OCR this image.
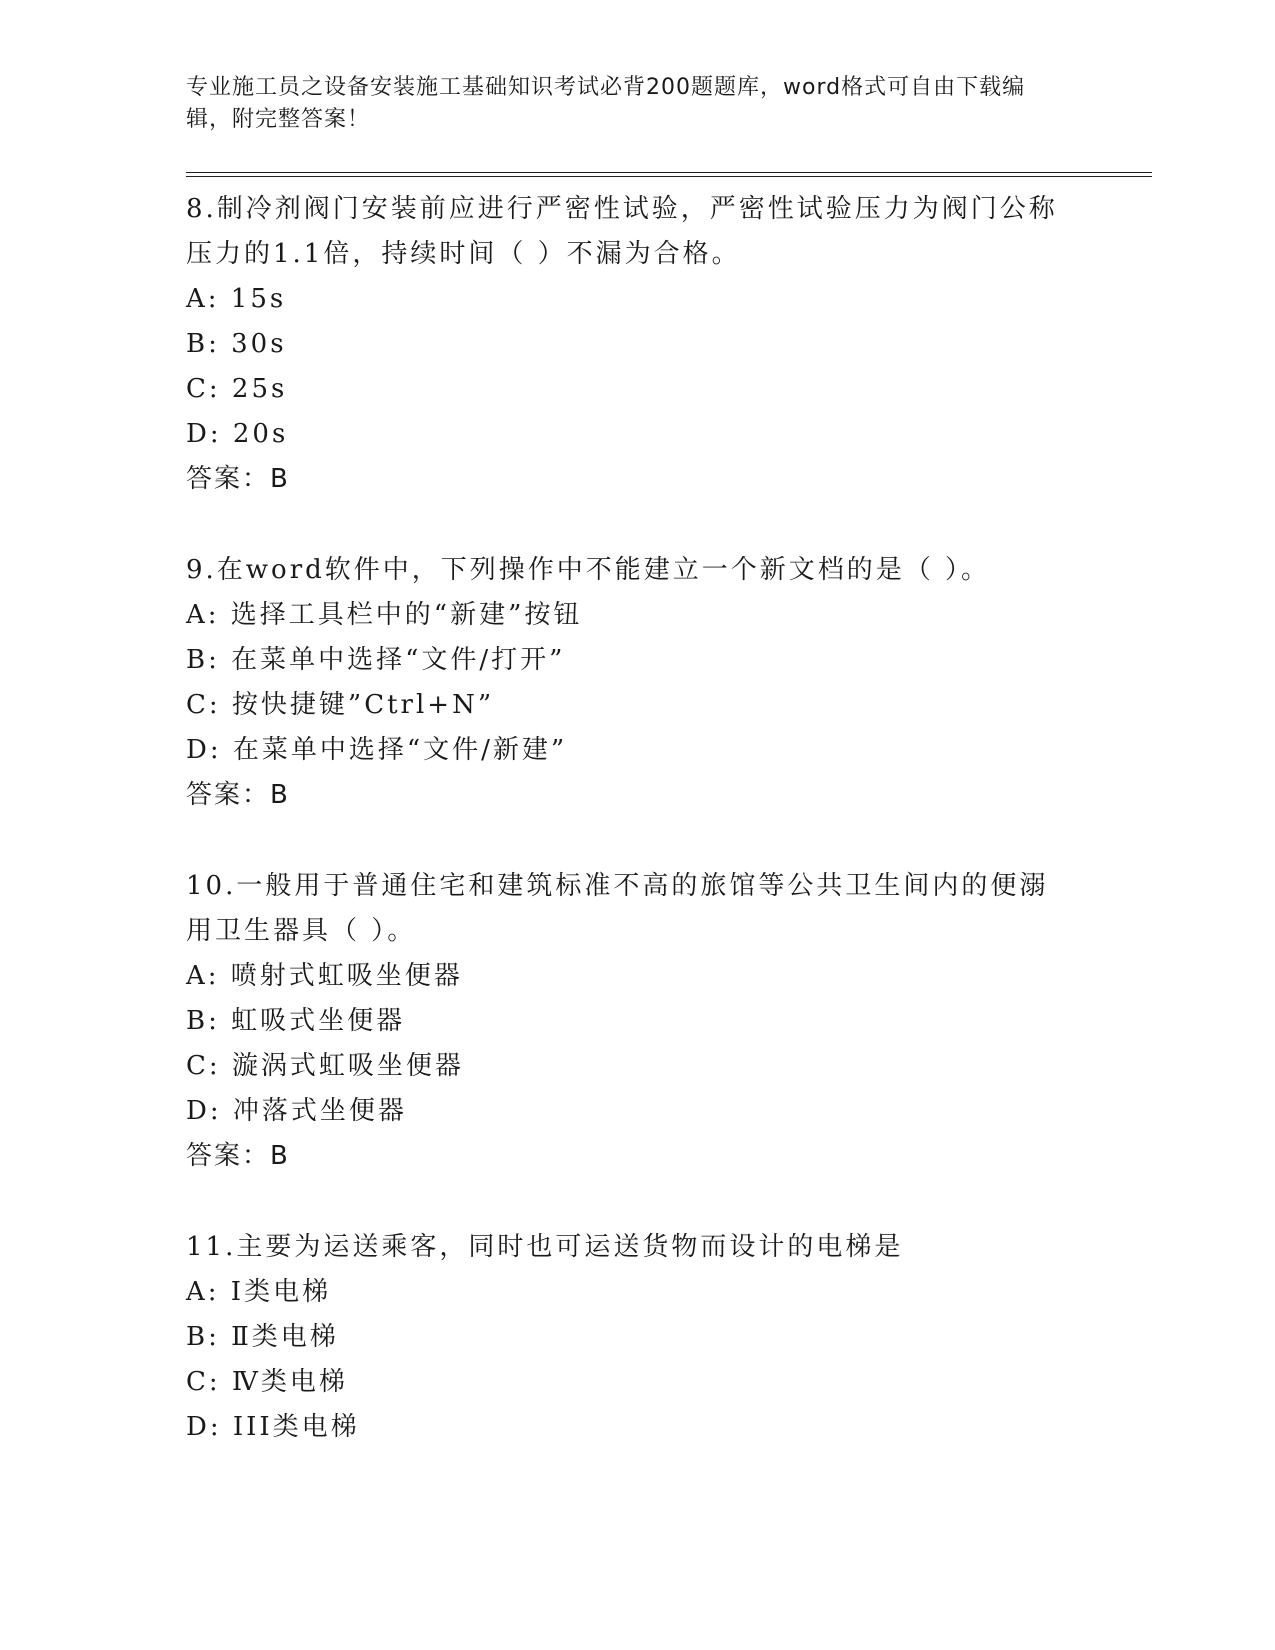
专业施工员之设备安装施工基础知识考试必背200题题库，word格式可自由下载编辑，附完整答案！

8.制冷剂阀门安装前应进行严密性试验，严密性试验压力为阀门公称压力的1.1倍，持续时间（ ）不漏为合格。

A: 15s

B: 30s

C: 25s

D: 20s

答案：B

9.在word软件中，下列操作中不能建立一个新文档的是（ ）。

A: 选择工具栏中的“新建”按钮

B: 在菜单中选择“文件/打开”

C: 按快捷键”Ctrl+N”

D: 在菜单中选择“文件/新建”

答案：B

10.一般用于普通住宅和建筑标准不高的旅馆等公共卫生间内的便溺用卫生器具（ ）。

A: 喷射式虹吸坐便器

B: 虹吸式坐便器

C: 漩涡式虹吸坐便器

D: 冲落式坐便器

答案：B

11.主要为运送乘客，同时也可运送货物而设计的电梯是

A: I类电梯

B: Ⅱ类电梯

C: Ⅳ类电梯

D: III类电梯
